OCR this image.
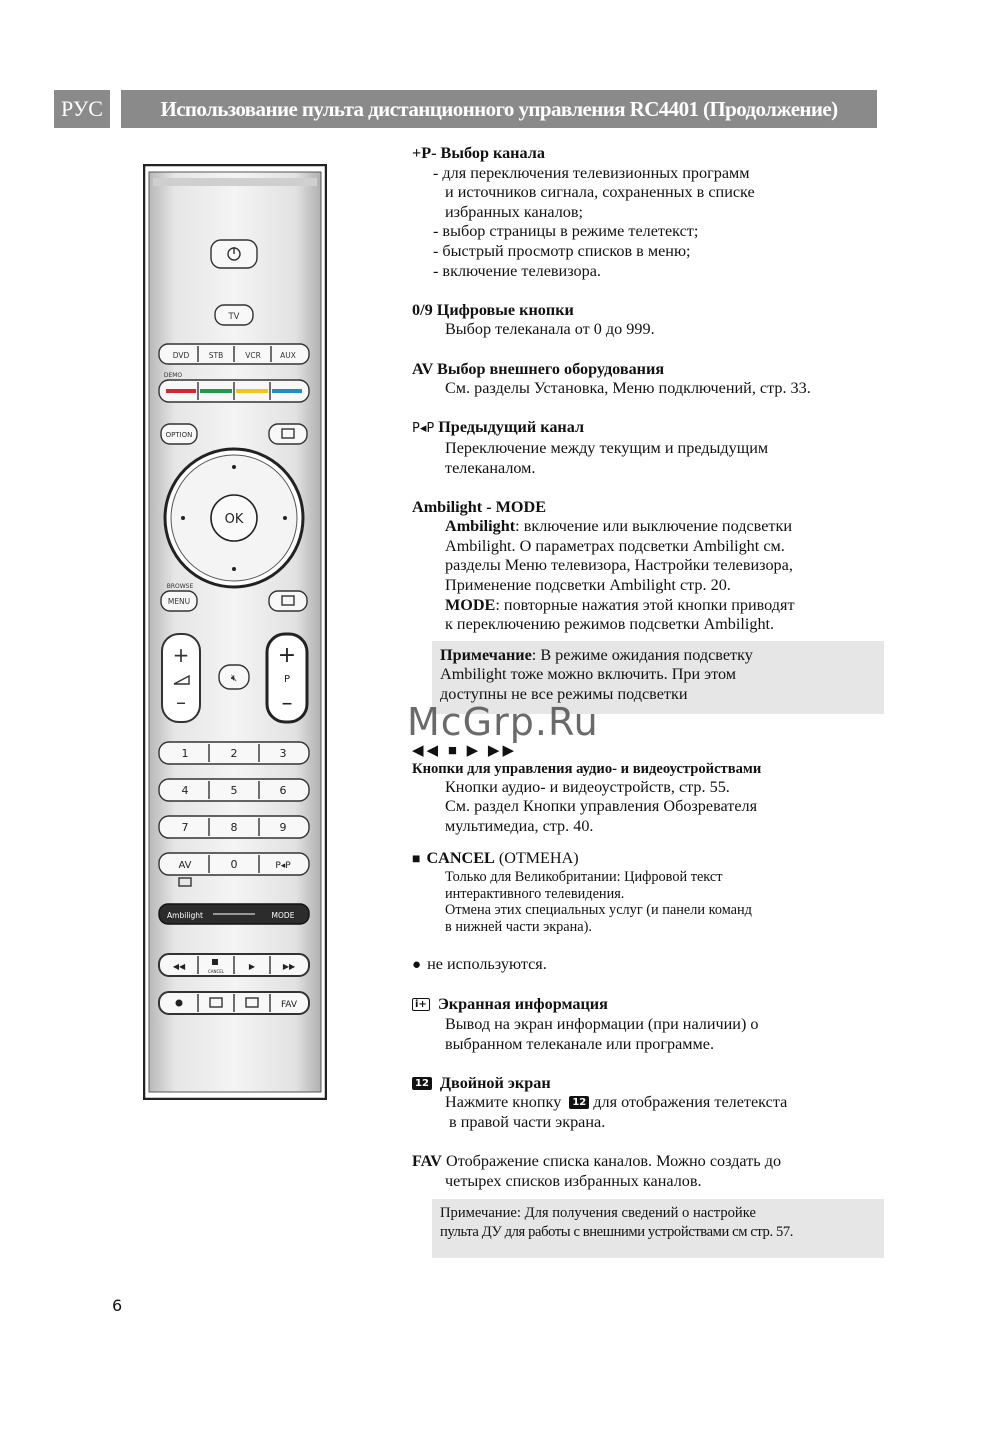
РУС	Использование пульта дистанционного управления RC4401 (Продолжение)
TV
DVD	STB	VCR	AUX
DEMO
OPTION
OK
BROWSE
MENU
+
–
🔇︎
+
P
–
1	2	3
4	5	6
7	8	9
AV	0	P◂P
Ambilight	MODE
◀◀
CANCEL
▶	▶▶
FAV
+P- Выбор канала
- для переключения телевизионных программ
и источников сигнала, сохраненных в списке
избранных каналов;
- выбор страницы в режиме телетекст;
- быстрый просмотр списков в меню;
- включение телевизора.
0/9 Цифровые кнопки
Выбор телеканала от 0 до 999.
AV Выбор внешнего оборудования
См. разделы Установка, Меню подключений, стр. 33.
P◂P Предыдущий канал
Переключение между текущим и предыдущим
телеканалом.
Ambilight - MODE
Ambilight: включение или выключение подсветки
Ambilight. О параметрах подсветки Ambilight см.
разделы Меню телевизора, Настройки телевизора,
Применение подсветки Ambilight стр. 20.
MODE: повторные нажатия этой кнопки приводят
к переключению режимов подсветки Ambilight.
Примечание: В режиме ожидания подсветку
Ambilight тоже можно включить. При этом
доступны не все режимы подсветки
◀◀ ■ ▶ ▶▶
Кнопки для управления аудио- и видеоустройствами
Кнопки аудио- и видеоустройств, стр. 55.
См. раздел Кнопки управления Обозревателя
мультимедиа, стр. 40.
■ CANCEL (ОТМЕНА)
Только для Великобритании: Цифровой текст
интерактивного телевидения.
Отмена этих специальных услуг (и панели команд
в нижней части экрана).
● не используются.
i+ Экранная информация
Вывод на экран информации (при наличии) о
выбранном телеканале или программе.
12 Двойной экран
Нажмите кнопку 12 для отображения телетекста
в правой части экрана.
FAV Отображение списка каналов. Можно создать до
четырех списков избранных каналов.
Примечание: Для получения сведений о настройке
пульта ДУ для работы с внешними устройствами см стр. 57.
McGrp.Ru
6
